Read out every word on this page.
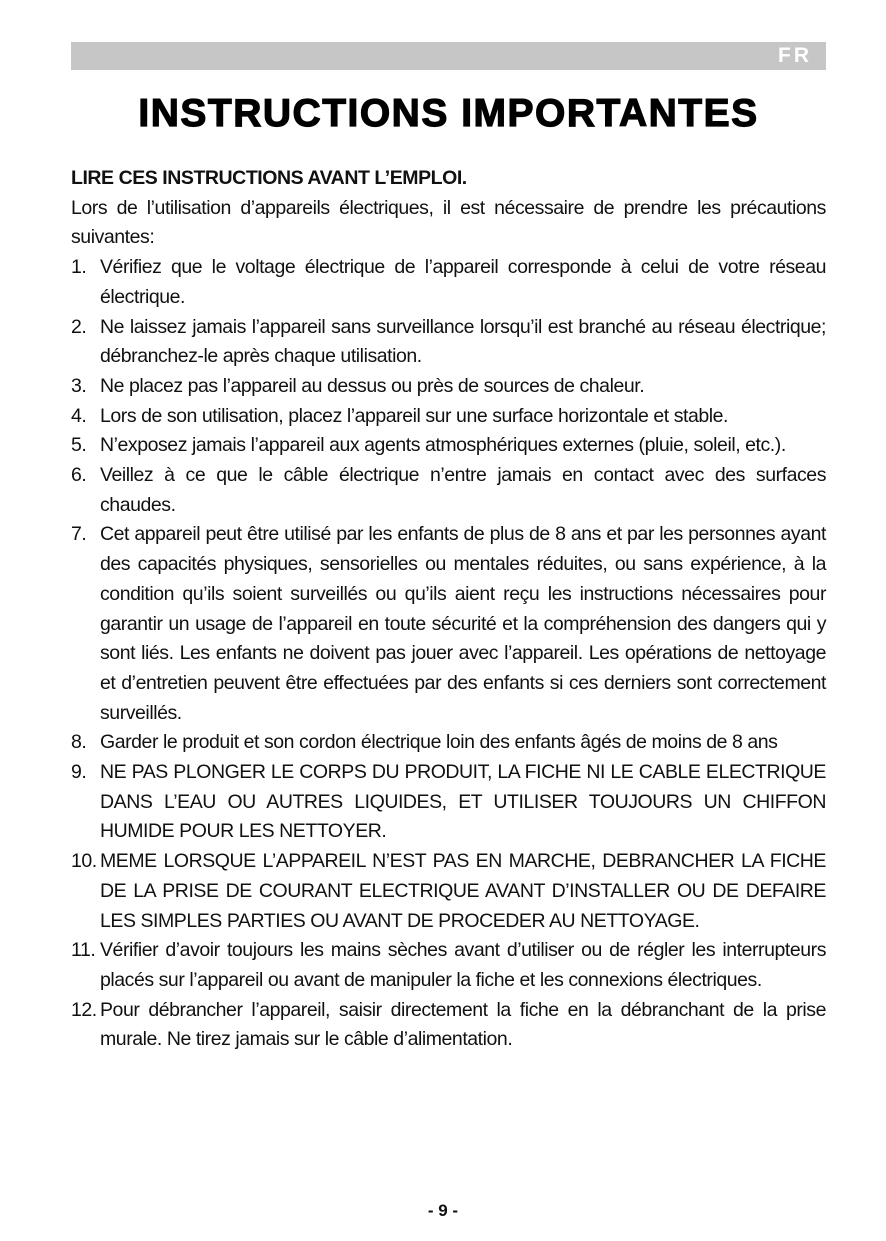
FR
INSTRUCTIONS IMPORTANTES

LIRE CES INSTRUCTIONS AVANT L’EMPLOI.

Lors de l’utilisation d’appareils électriques, il est nécessaire de prendre les précautions suivantes:

1. Vérifiez que le voltage électrique de l’appareil corresponde à celui de votre réseau électrique.
2. Ne laissez jamais l’appareil sans surveillance lorsqu’il est branché au réseau électrique; débranchez-le après chaque utilisation.
3. Ne placez pas l’appareil au dessus ou près de sources de chaleur.
4. Lors de son utilisation, placez l’appareil sur une surface horizontale et stable.
5. N’exposez jamais l’appareil aux agents atmosphériques externes (pluie, soleil, etc.).
6. Veillez à ce que le câble électrique n’entre jamais en contact avec des surfaces chaudes.
7. Cet appareil peut être utilisé par les enfants de plus de 8 ans et par les personnes ayant des capacités physiques, sensorielles ou mentales réduites, ou sans expérience, à la condition qu’ils soient surveillés ou qu’ils aient reçu les instructions nécessaires pour garantir un usage de l’appareil en toute sécurité et la compréhension des dangers qui y sont liés. Les enfants ne doivent pas jouer avec l’appareil. Les opérations de nettoyage et d’entretien peuvent être effectuées par des enfants si ces derniers sont correctement surveillés.
8. Garder le produit et son cordon électrique loin des enfants âgés de moins de 8 ans
9. NE PAS PLONGER LE CORPS DU PRODUIT, LA FICHE NI LE CABLE ELECTRIQUE DANS L’EAU OU AUTRES LIQUIDES, ET UTILISER TOUJOURS UN CHIFFON HUMIDE POUR LES NETTOYER.
10. MEME LORSQUE L’APPAREIL N’EST PAS EN MARCHE, DEBRANCHER LA FICHE DE LA PRISE DE COURANT ELECTRIQUE AVANT D’INSTALLER OU DE DEFAIRE LES SIMPLES PARTIES OU AVANT DE PROCEDER AU NETTOYAGE.
11. Vérifier d’avoir toujours les mains sèches avant d’utiliser ou de régler les interrupteurs placés sur l’appareil ou avant de manipuler la fiche et les connexions électriques.
12. Pour débrancher l’appareil, saisir directement la fiche en la débranchant de la prise murale. Ne tirez jamais sur le câble d’alimentation.
- 9 -
